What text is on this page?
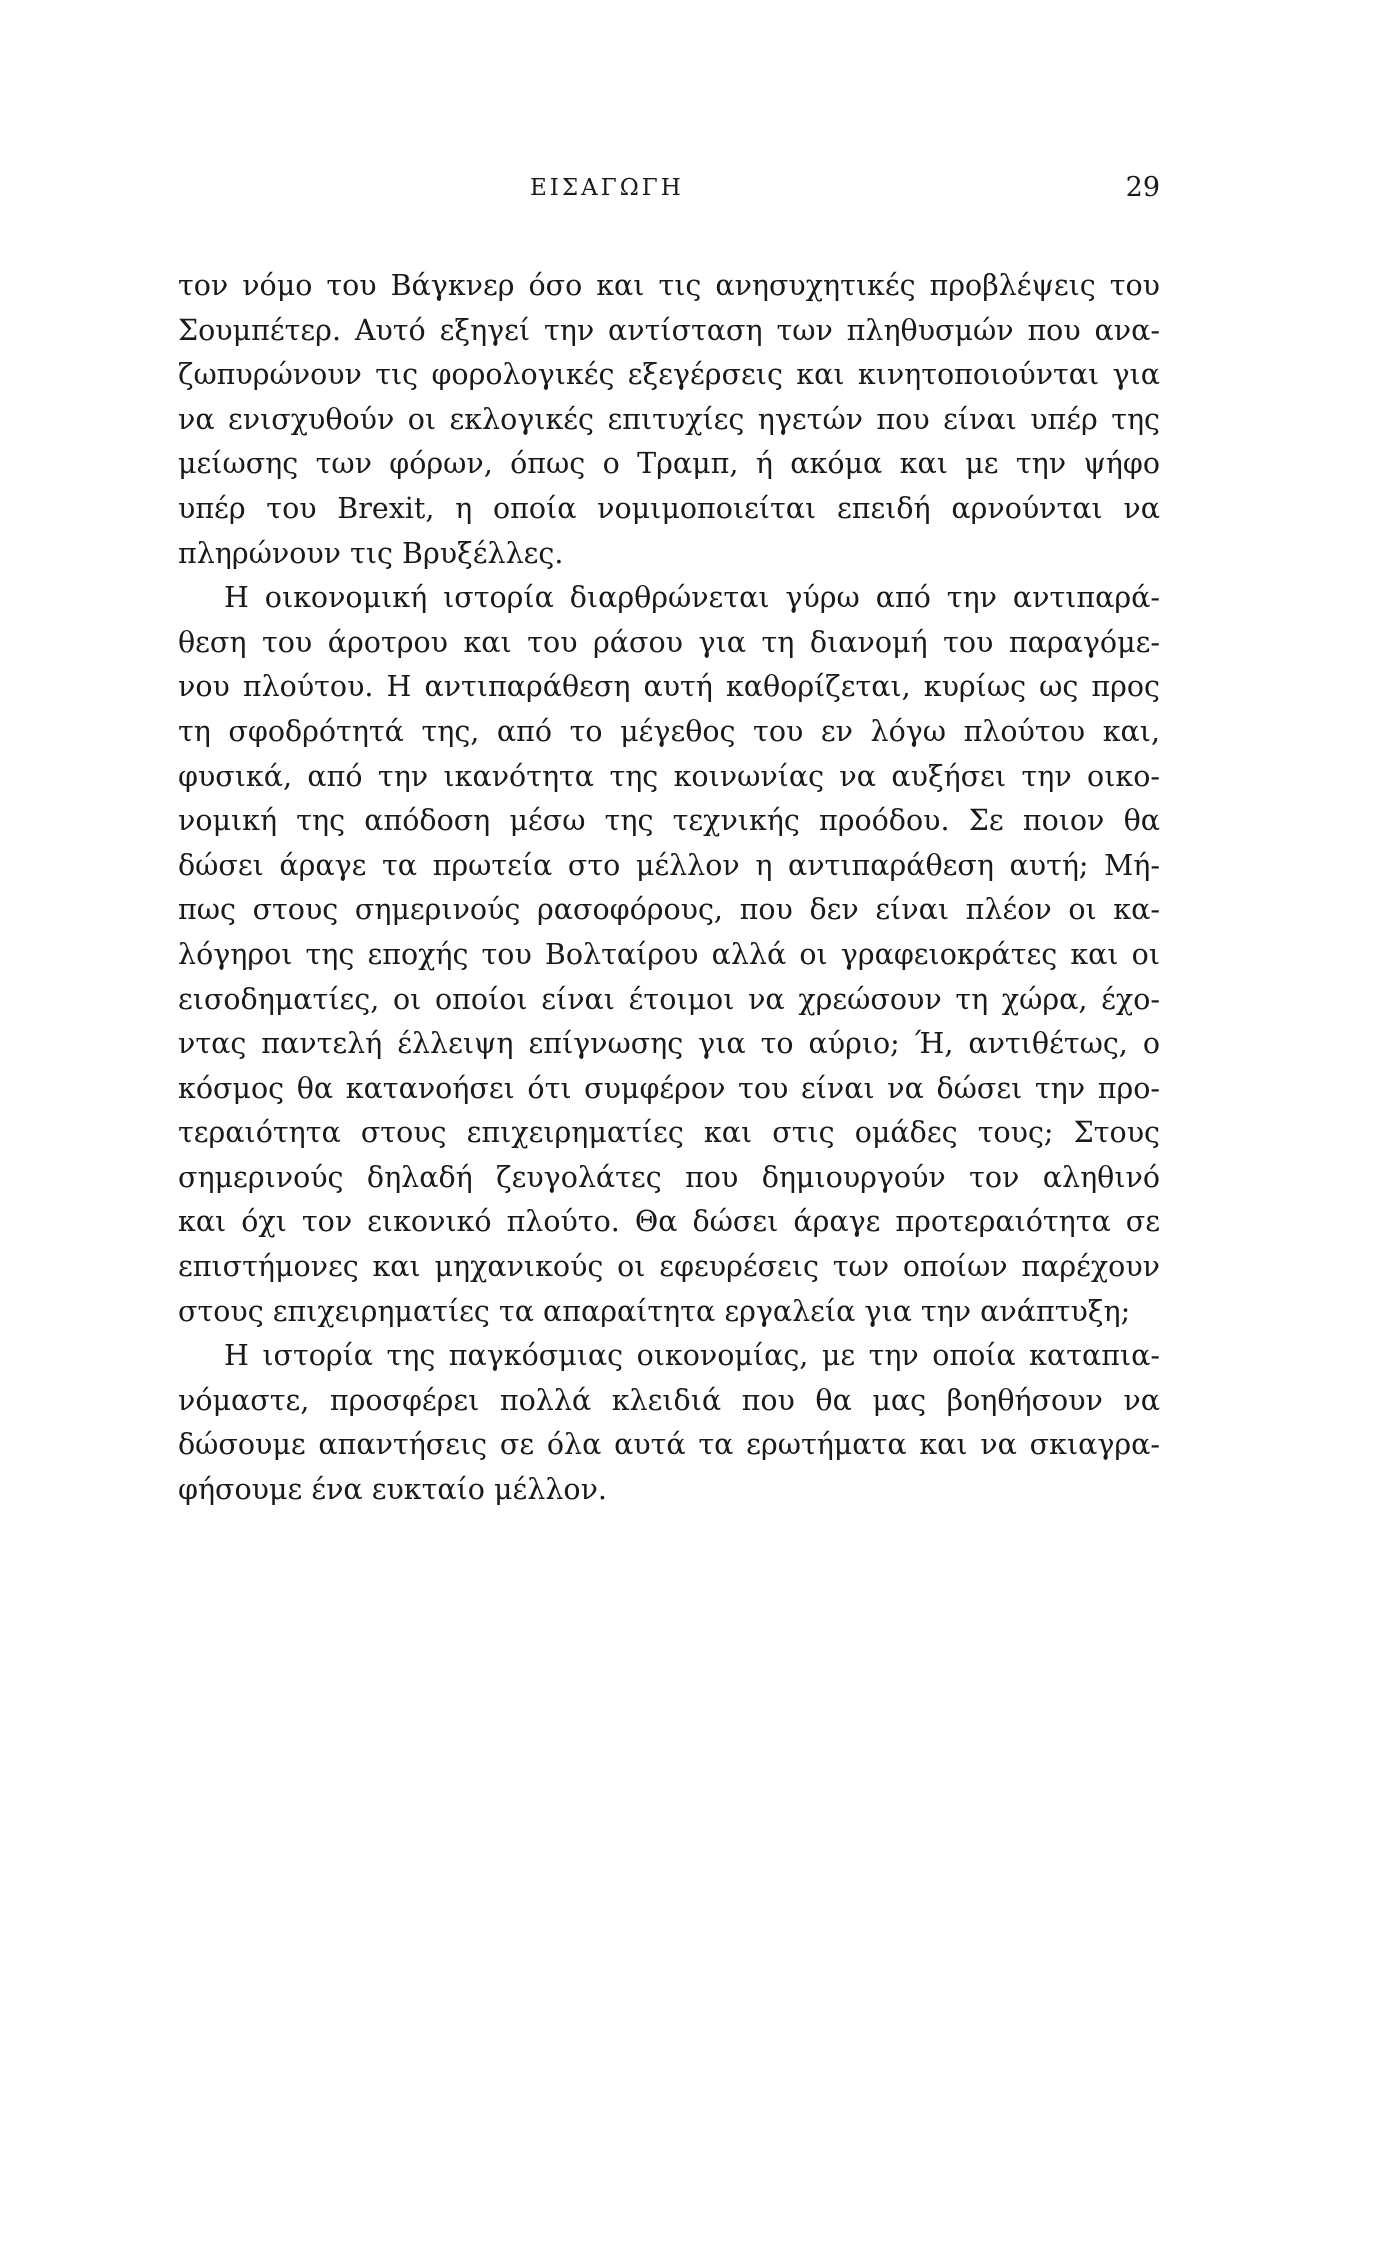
ΕΙΣΑΓΩΓΗ	29
τον νόμο του Βάγκνερ όσο και τις ανησυχητικές προβλέψεις του
Σουμπέτερ. Αυτό εξηγεί την αντίσταση των πληθυσμών που ανα-
ζωπυρώνουν τις φορολογικές εξεγέρσεις και κινητοποιούνται για
να ενισχυθούν οι εκλογικές επιτυχίες ηγετών που είναι υπέρ της
μείωσης των φόρων, όπως ο Τραμπ, ή ακόμα και με την ψήφο
υπέρ του Brexit, η οποία νομιμοποιείται επειδή αρνούνται να
πληρώνουν τις Βρυξέλλες.
Η οικονομική ιστορία διαρθρώνεται γύρω από την αντιπαρά-
θεση του άροτρου και του ράσου για τη διανομή του παραγόμε-
νου πλούτου. Η αντιπαράθεση αυτή καθορίζεται, κυρίως ως προς
τη σφοδρότητά της, από το μέγεθος του εν λόγω πλούτου και,
φυσικά, από την ικανότητα της κοινωνίας να αυξήσει την οικο-
νομική της απόδοση μέσω της τεχνικής προόδου. Σε ποιον θα
δώσει άραγε τα πρωτεία στο μέλλον η αντιπαράθεση αυτή; Μή-
πως στους σημερινούς ρασοφόρους, που δεν είναι πλέον οι κα-
λόγηροι της εποχής του Βολταίρου αλλά οι γραφειοκράτες και οι
εισοδηματίες, οι οποίοι είναι έτοιμοι να χρεώσουν τη χώρα, έχο-
ντας παντελή έλλειψη επίγνωσης για το αύριο; Ή, αντιθέτως, ο
κόσμος θα κατανοήσει ότι συμφέρον του είναι να δώσει την προ-
τεραιότητα στους επιχειρηματίες και στις ομάδες τους; Στους
σημερινούς δηλαδή ζευγολάτες που δημιουργούν τον αληθινό
και όχι τον εικονικό πλούτο. Θα δώσει άραγε προτεραιότητα σε
επιστήμονες και μηχανικούς οι εφευρέσεις των οποίων παρέχουν
στους επιχειρηματίες τα απαραίτητα εργαλεία για την ανάπτυξη;
Η ιστορία της παγκόσμιας οικονομίας, με την οποία καταπια-
νόμαστε, προσφέρει πολλά κλειδιά που θα μας βοηθήσουν να
δώσουμε απαντήσεις σε όλα αυτά τα ερωτήματα και να σκιαγρα-
φήσουμε ένα ευκταίο μέλλον.
